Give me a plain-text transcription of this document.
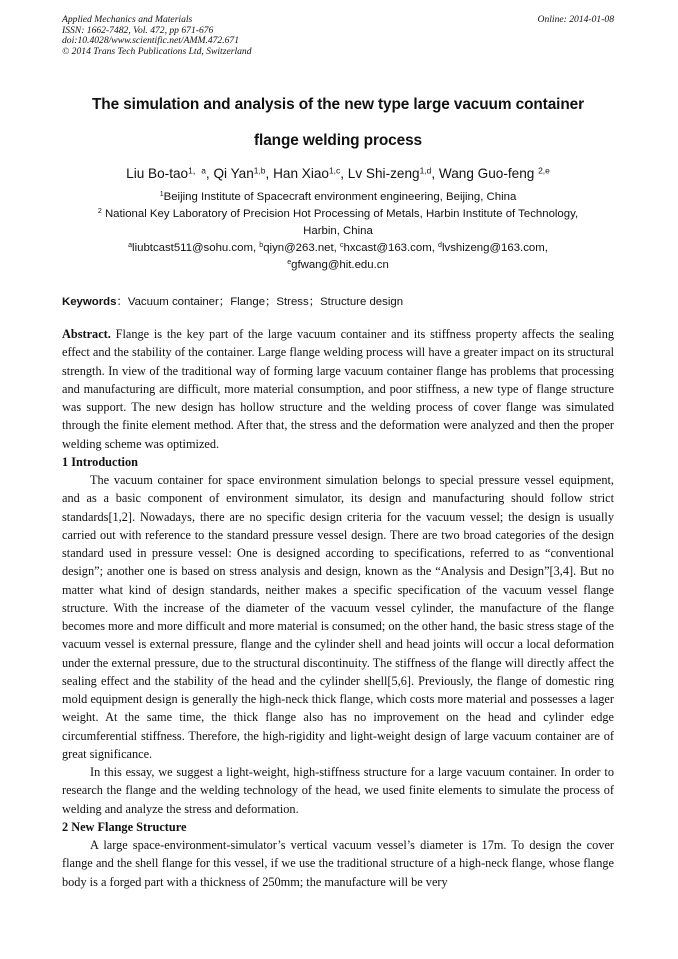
Applied Mechanics and Materials
ISSN: 1662-7482, Vol. 472, pp 671-676
doi:10.4028/www.scientific.net/AMM.472.671
© 2014 Trans Tech Publications Ltd, Switzerland
Online: 2014-01-08
The simulation and analysis of the new type large vacuum container
flange welding process
Liu Bo-tao$^{1,a}$, Qi Yan$^{1,b}$, Han Xiao$^{1,c}$, Lv Shi-zeng$^{1,d}$, Wang Guo-feng $^{2,e}$
$^1$Beijing Institute of Spacecraft environment engineering, Beijing, China
$^2$ National Key Laboratory of Precision Hot Processing of Metals, Harbin Institute of Technology,
Harbin, China
$^a$liubtcast511@sohu.com, $^b$qiyn@263.net, $^c$hxcast@163.com, $^d$lvshizeng@163.com,
$^e$gfwang@hit.edu.cn
Keywords：Vacuum container；Flange；Stress；Structure design
Abstract. Flange is the key part of the large vacuum container and its stiffness property affects the sealing effect and the stability of the container. Large flange welding process will have a greater impact on its structural strength. In view of the traditional way of forming large vacuum container flange has problems that processing and manufacturing are difficult, more material consumption, and poor stiffness, a new type of flange structure was support. The new design has hollow structure and the welding process of cover flange was simulated through the finite element method. After that, the stress and the deformation were analyzed and then the proper welding scheme was optimized.
1 Introduction

The vacuum container for space environment simulation belongs to special pressure vessel equipment, and as a basic component of environment simulator, its design and manufacturing should follow strict standards[1,2]. Nowadays, there are no specific design criteria for the vacuum vessel; the design is usually carried out with reference to the standard pressure vessel design. There are two broad categories of the design standard used in pressure vessel: One is designed according to specifications, referred to as “conventional design”; another one is based on stress analysis and design, known as the “Analysis and Design”[3,4]. But no matter what kind of design standards, neither makes a specific specification of the vacuum vessel flange structure. With the increase of the diameter of the vacuum vessel cylinder, the manufacture of the flange becomes more and more difficult and more material is consumed; on the other hand, the basic stress stage of the vacuum vessel is external pressure, flange and the cylinder shell and head joints will occur a local deformation under the external pressure, due to the structural discontinuity. The stiffness of the flange will directly affect the sealing effect and the stability of the head and the cylinder shell[5,6]. Previously, the flange of domestic ring mold equipment design is generally the high-neck thick flange, which costs more material and possesses a lager weight. At the same time, the thick flange also has no improvement on the head and cylinder edge circumferential stiffness. Therefore, the high-rigidity and light-weight design of large vacuum container are of great significance.

In this essay, we suggest a light-weight, high-stiffness structure for a large vacuum container. In order to research the flange and the welding technology of the head, we used finite elements to simulate the process of welding and analyze the stress and deformation.

2 New Flange Structure

A large space-environment-simulator’s vertical vacuum vessel’s diameter is 17m. To design the cover flange and the shell flange for this vessel, if we use the traditional structure of a high-neck flange, whose flange body is a forged part with a thickness of 250mm; the manufacture will be very
